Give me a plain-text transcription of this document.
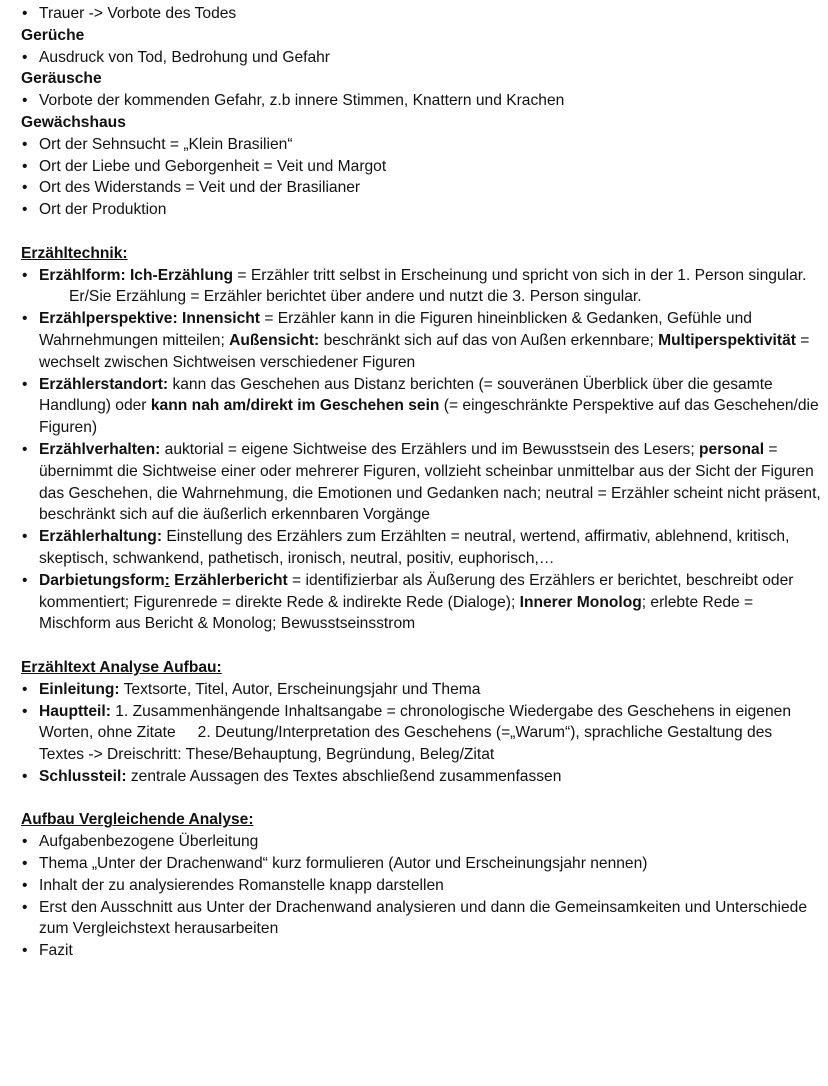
• Trauer -> Vorbote des Todes
Gerüche
• Ausdruck von Tod, Bedrohung und Gefahr
Geräusche
• Vorbote der kommenden Gefahr, z.b innere Stimmen, Knattern und Krachen
Gewächshaus
• Ort der Sehnsucht = „Klein Brasilien“
• Ort der Liebe und Geborgenheit = Veit und Margot
• Ort des Widerstands = Veit und der Brasilianer
• Ort der Produktion
Erzähltechnik:
• Erzählform: Ich-Erzählung = Erzähler tritt selbst in Erscheinung und spricht von sich in der 1. Person singular.Er/Sie Erzählung = Erzähler berichtet über andere und nutzt die 3. Person singular.
• Erzählperspektive: Innensicht = Erzähler kann in die Figuren hineinblicken & Gedanken, Gefühle und Wahrnehmungen mitteilen; Außensicht: beschränkt sich auf das von Außen erkennbare; Multiperspektivität = wechselt zwischen Sichtweisen verschiedener Figuren
• Erzählerstandort: kann das Geschehen aus Distanz berichten (= souveränen Überblick über die gesamte Handlung) oder kann nah am/direkt im Geschehen sein (= eingeschränkte Perspektive auf das Geschehen/die Figuren)
• Erzählverhalten: auktorial = eigene Sichtweise des Erzählers und im Bewusstsein des Lesers; personal = übernimmt die Sichtweise einer oder mehrerer Figuren, vollzieht scheinbar unmittelbar aus der Sicht der Figuren das Geschehen, die Wahrnehmung, die Emotionen und Gedanken nach; neutral = Erzähler scheint nicht präsent, beschränkt sich auf die äußerlich erkennbaren Vorgänge
• Erzählerhaltung: Einstellung des Erzählers zum Erzählten = neutral, wertend, affirmativ, ablehnend, kritisch, skeptisch, schwankend, pathetisch, ironisch, neutral, positiv, euphorisch,…
• Darbietungsform: Erzählerbericht = identifizierbar als Äußerung des Erzählers er berichtet, beschreibt oder kommentiert; Figurenrede = direkte Rede & indirekte Rede (Dialoge); Innerer Monolog; erlebte Rede = Mischform aus Bericht & Monolog; Bewusstseinsstrom
Erzähltext Analyse Aufbau:
• Einleitung: Textsorte, Titel, Autor, Erscheinungsjahr und Thema
• Hauptteil: 1. Zusammenhängende Inhaltsangabe = chronologische Wiedergabe des Geschehens in eigenen Worten, ohne Zitate 2. Deutung/Interpretation des Geschehens (=„Warum“), sprachliche Gestaltung des Textes -> Dreischritt: These/Behauptung, Begründung, Beleg/Zitat
• Schlussteil: zentrale Aussagen des Textes abschließend zusammenfassen
Aufbau Vergleichende Analyse:
• Aufgabenbezogene Überleitung
• Thema „Unter der Drachenwand“ kurz formulieren (Autor und Erscheinungsjahr nennen)
• Inhalt der zu analysierendes Romanstelle knapp darstellen
• Erst den Ausschnitt aus Unter der Drachenwand analysieren und dann die Gemeinsamkeiten und Unterschiede zum Vergleichstext herausarbeiten
• Fazit
